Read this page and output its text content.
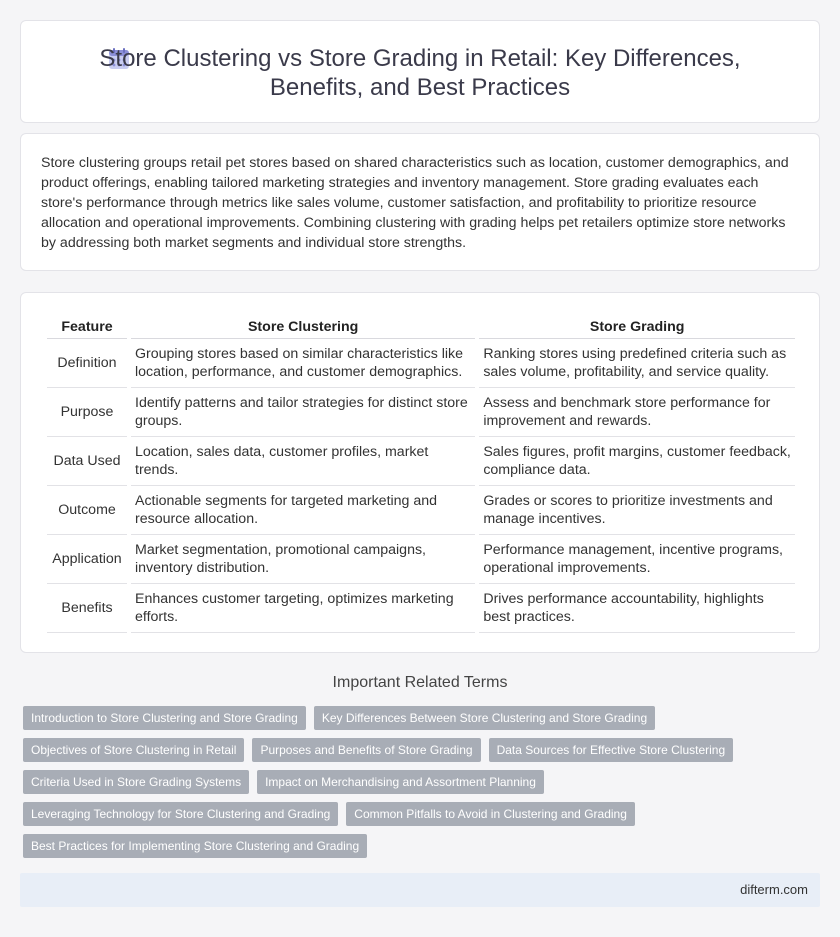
Store Clustering vs Store Grading in Retail: Key Differences, Benefits, and Best Practices

Store clustering groups retail pet stores based on shared characteristics such as location, customer demographics, and product offerings, enabling tailored marketing strategies and inventory management. Store grading evaluates each store's performance through metrics like sales volume, customer satisfaction, and profitability to prioritize resource allocation and operational improvements. Combining clustering with grading helps pet retailers optimize store networks by addressing both market segments and individual store strengths.

Feature	Store Clustering	Store Grading
Definition	Grouping stores based on similar characteristics like location, performance, and customer demographics.	Ranking stores using predefined criteria such as sales volume, profitability, and service quality.
Purpose	Identify patterns and tailor strategies for distinct store groups.	Assess and benchmark store performance for improvement and rewards.
Data Used	Location, sales data, customer profiles, market trends.	Sales figures, profit margins, customer feedback, compliance data.
Outcome	Actionable segments for targeted marketing and resource allocation.	Grades or scores to prioritize investments and manage incentives.
Application	Market segmentation, promotional campaigns, inventory distribution.	Performance management, incentive programs, operational improvements.
Benefits	Enhances customer targeting, optimizes marketing efforts.	Drives performance accountability, highlights best practices.
Important Related Terms
Introduction to Store Clustering and Store Grading	Key Differences Between Store Clustering and Store Grading
Objectives of Store Clustering in Retail	Purposes and Benefits of Store Grading	Data Sources for Effective Store Clustering
Criteria Used in Store Grading Systems	Impact on Merchandising and Assortment Planning
Leveraging Technology for Store Clustering and Grading	Common Pitfalls to Avoid in Clustering and Grading
Best Practices for Implementing Store Clustering and Grading
difterm.com
